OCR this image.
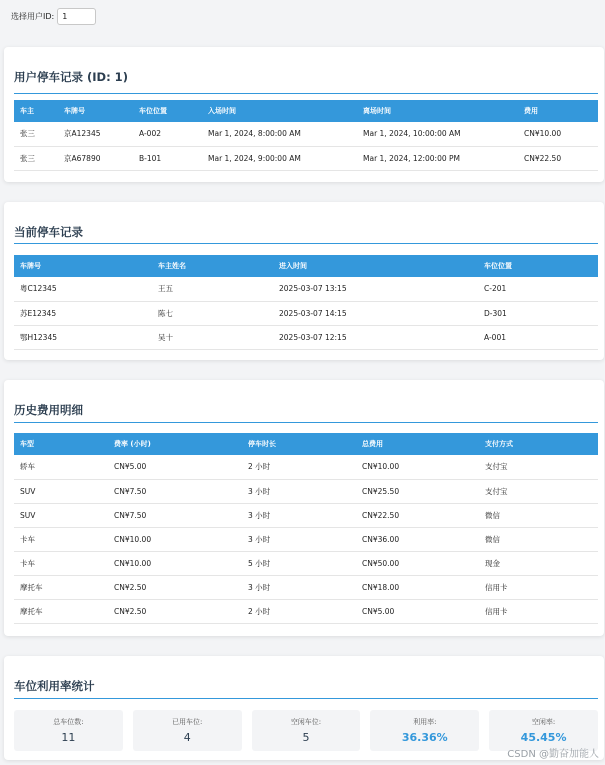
选择用户ID:
1
用户停车记录 (ID: 1)
车主	车牌号	车位位置	入场时间	离场时间	费用
张三	京A12345	A-002	Mar 1, 2024, 8:00:00 AM	Mar 1, 2024, 10:00:00 AM	CN¥10.00
张三	京A67890	B-101	Mar 1, 2024, 9:00:00 AM	Mar 1, 2024, 12:00:00 PM	CN¥22.50
当前停车记录
车牌号	车主姓名	进入时间	车位位置
粤C12345	王五	2025-03-07 13:15	C-201
苏E12345	陈七	2025-03-07 14:15	D-301
鄂H12345	吴十	2025-03-07 12:15	A-001
历史费用明细
车型	费率 (小时)	停车时长	总费用	支付方式
轿车	CN¥5.00	2 小时	CN¥10.00	支付宝
SUV	CN¥7.50	3 小时	CN¥25.50	支付宝
SUV	CN¥7.50	3 小时	CN¥22.50	微信
卡车	CN¥10.00	3 小时	CN¥36.00	微信
卡车	CN¥10.00	5 小时	CN¥50.00	现金
摩托车	CN¥2.50	3 小时	CN¥18.00	信用卡
摩托车	CN¥2.50	2 小时	CN¥5.00	信用卡
车位利用率统计
总车位数:
11
已用车位:
4
空闲车位:
5
利用率:
36.36%
空闲率:
45.45%
CSDN @勤奋加能人
